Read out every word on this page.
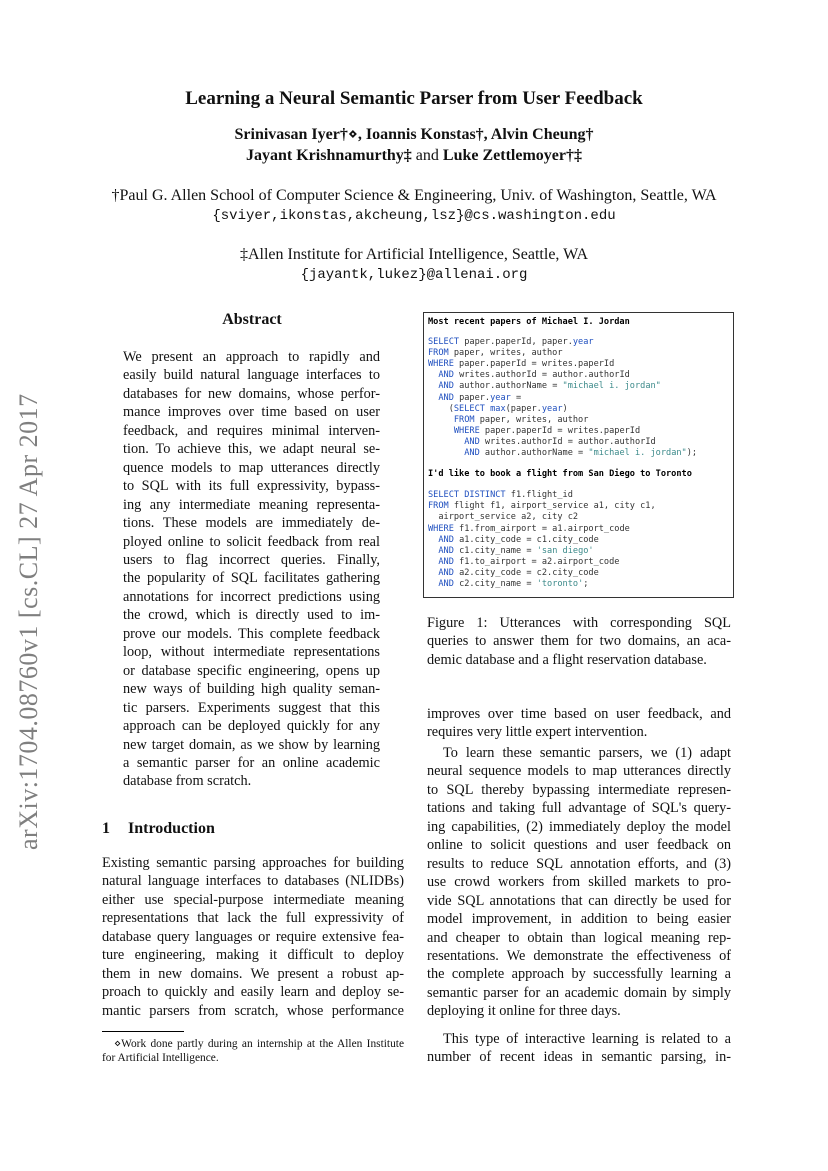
arXiv:1704.08760v1 [cs.CL] 27 Apr 2017
Learning a Neural Semantic Parser from User Feedback
Srinivasan Iyer†⋄, Ioannis Konstas†, Alvin Cheung†
Jayant Krishnamurthy‡ and Luke Zettlemoyer†‡
†Paul G. Allen School of Computer Science & Engineering, Univ. of Washington, Seattle, WA
{sviyer,ikonstas,akcheung,lsz}@cs.washington.edu
‡Allen Institute for Artificial Intelligence, Seattle, WA
{jayantk,lukez}@allenai.org
Abstract
We present an approach to rapidly and
easily build natural language interfaces to
databases for new domains, whose perfor-
mance improves over time based on user
feedback, and requires minimal interven-
tion. To achieve this, we adapt neural se-
quence models to map utterances directly
to SQL with its full expressivity, bypass-
ing any intermediate meaning representa-
tions. These models are immediately de-
ployed online to solicit feedback from real
users to flag incorrect queries. Finally,
the popularity of SQL facilitates gathering
annotations for incorrect predictions using
the crowd, which is directly used to im-
prove our models. This complete feedback
loop, without intermediate representations
or database specific engineering, opens up
new ways of building high quality seman-
tic parsers. Experiments suggest that this
approach can be deployed quickly for any
new target domain, as we show by learning
a semantic parser for an online academic
database from scratch.
1 Introduction
Existing semantic parsing approaches for building
natural language interfaces to databases (NLIDBs)
either use special-purpose intermediate meaning
representations that lack the full expressivity of
database query languages or require extensive fea-
ture engineering, making it difficult to deploy
them in new domains. We present a robust ap-
proach to quickly and easily learn and deploy se-
mantic parsers from scratch, whose performance
⋄Work done partly during an internship at the Allen Institute for Artificial Intelligence.
Most recent papers of Michael I. Jordan
SELECT paper.paperId, paper.year
FROM paper, writes, author
WHERE paper.paperId = writes.paperId
AND writes.authorId = author.authorId
AND author.authorName = "michael i. jordan"
AND paper.year =
(SELECT max(paper.year)
FROM paper, writes, author
WHERE paper.paperId = writes.paperId
AND writes.authorId = author.authorId
AND author.authorName = "michael i. jordan");
I'd like to book a flight from San Diego to Toronto
SELECT DISTINCT f1.flight_id
FROM flight f1, airport_service a1, city c1,
airport_service a2, city c2
WHERE f1.from_airport = a1.airport_code
AND a1.city_code = c1.city_code
AND c1.city_name = 'san diego'
AND f1.to_airport = a2.airport_code
AND a2.city_code = c2.city_code
AND c2.city_name = 'toronto';
Figure 1: Utterances with corresponding SQL
queries to answer them for two domains, an aca-
demic database and a flight reservation database.
improves over time based on user feedback, and
requires very little expert intervention.
To learn these semantic parsers, we (1) adapt
neural sequence models to map utterances directly
to SQL thereby bypassing intermediate represen-
tations and taking full advantage of SQL's query-
ing capabilities, (2) immediately deploy the model
online to solicit questions and user feedback on
results to reduce SQL annotation efforts, and (3)
use crowd workers from skilled markets to pro-
vide SQL annotations that can directly be used for
model improvement, in addition to being easier
and cheaper to obtain than logical meaning rep-
resentations. We demonstrate the effectiveness of
the complete approach by successfully learning a
semantic parser for an academic domain by simply
deploying it online for three days.
This type of interactive learning is related to a
number of recent ideas in semantic parsing, in-
